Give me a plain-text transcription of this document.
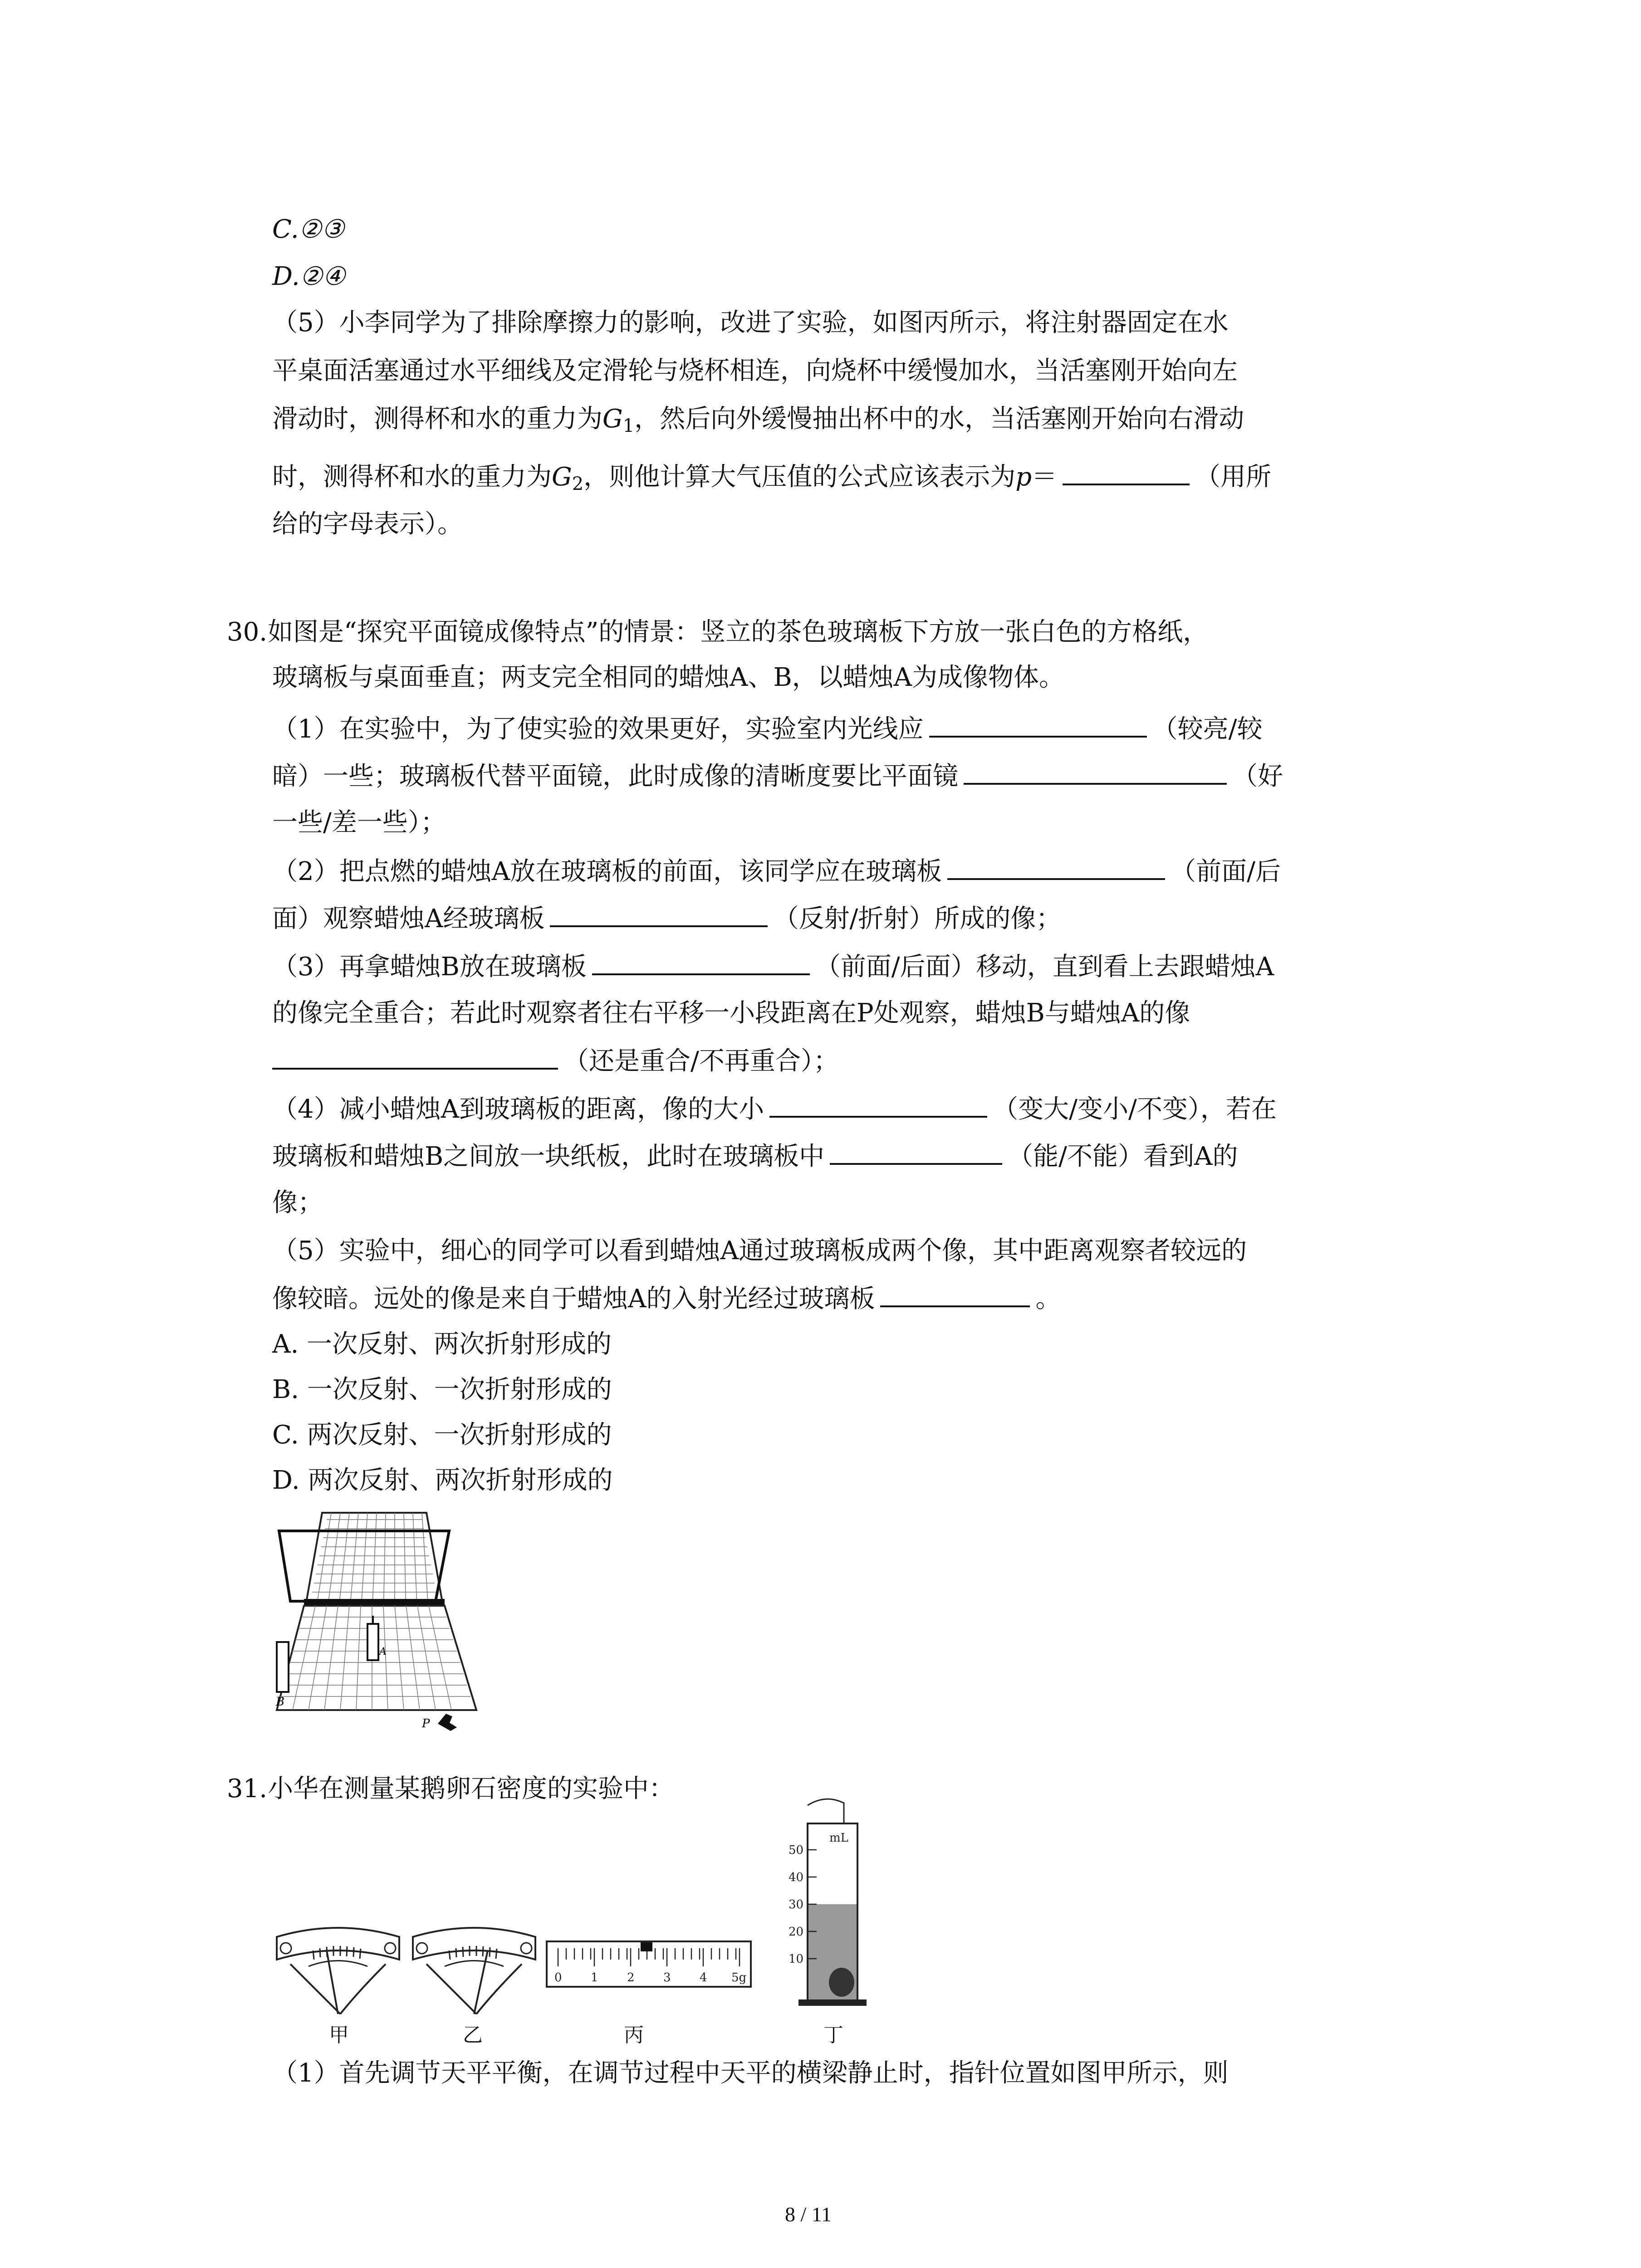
C.②③
D.②④
（5）小李同学为了排除摩擦力的影响，改进了实验，如图丙所示，将注射器固定在水
平桌面活塞通过水平细线及定滑轮与烧杯相连，向烧杯中缓慢加水，当活塞刚开始向左
滑动时，测得杯和水的重力为$G_1$，然后向外缓慢抽出杯中的水，当活塞刚开始向右滑动
时，测得杯和水的重力为$G_2$，则他计算大气压值的公式应该表示为p＝	（用所
给的字母表示）。
30.如图是“探究平面镜成像特点”的情景：竖立的茶色玻璃板下方放一张白色的方格纸，
玻璃板与桌面垂直；两支完全相同的蜡烛A、B，以蜡烛A为成像物体。
（1）在实验中，为了使实验的效果更好，实验室内光线应	（较亮/较
暗）一些；玻璃板代替平面镜，此时成像的清晰度要比平面镜	（好
一些/差一些）；
（2）把点燃的蜡烛A放在玻璃板的前面，该同学应在玻璃板	（前面/后
面）观察蜡烛A经玻璃板	（反射/折射）所成的像；
（3）再拿蜡烛B放在玻璃板	（前面/后面）移动，直到看上去跟蜡烛A
的像完全重合；若此时观察者往右平移一小段距离在P处观察，蜡烛B与蜡烛A的像
（还是重合/不再重合）；
（4）减小蜡烛A到玻璃板的距离，像的大小	（变大/变小/不变），若在
玻璃板和蜡烛B之间放一块纸板，此时在玻璃板中	（能/不能）看到A的
像；
（5）实验中，细心的同学可以看到蜡烛A通过玻璃板成两个像，其中距离观察者较远的
像较暗。远处的像是来自于蜡烛A的入射光经过玻璃板	。
A. 一次反射、两次折射形成的
B. 一次反射、一次折射形成的
C. 两次反射、一次折射形成的
D. 两次反射、两次折射形成的
A
B
P
31.小华在测量某鹅卵石密度的实验中：
甲	乙
0 1 2 3 4 5g
丙
50
40
30
20
10
mL
丁
（1）首先调节天平平衡，在调节过程中天平的横梁静止时，指针位置如图甲所示，则
8 / 11
